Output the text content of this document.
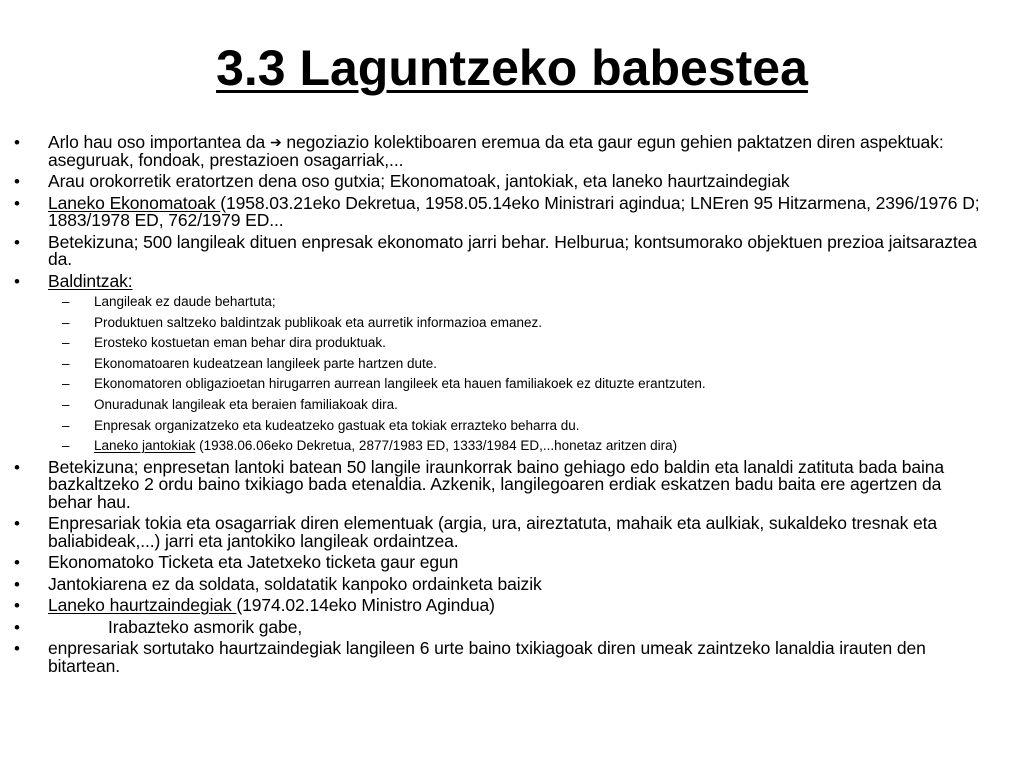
3.3 Laguntzeko babestea
• Arlo hau oso importantea da ➔ negoziazio kolektiboaren eremua da eta gaur egun gehien paktatzen diren aspektuak: aseguruak, fondoak, prestazioen osagarriak,...
• Arau orokorretik eratortzen dena oso gutxia; Ekonomatoak, jantokiak, eta laneko haurtzaindegiak
• Laneko Ekonomatoak (1958.03.21eko Dekretua, 1958.05.14eko Ministrari agindua; LNEren 95 Hitzarmena, 2396/1976 D; 1883/1978 ED, 762/1979 ED...
• Betekizuna; 500 langileak dituen enpresak ekonomato jarri behar. Helburua; kontsumorako objektuen prezioa jaitsaraztea da.
• Baldintzak:
– Langileak ez daude behartuta;
– Produktuen saltzeko baldintzak publikoak eta aurretik informazioa emanez.
– Erosteko kostuetan eman behar dira produktuak.
– Ekonomatoaren kudeatzean langileek parte hartzen dute.
– Ekonomatoren obligazioetan hirugarren aurrean langileek eta hauen familiakoek ez dituzte erantzuten.
– Onuradunak langileak eta beraien familiakoak dira.
– Enpresak organizatzeko eta kudeatzeko gastuak eta tokiak errazteko beharra du.
– Laneko jantokiak (1938.06.06eko Dekretua, 2877/1983 ED, 1333/1984 ED,...honetaz aritzen dira)
• Betekizuna; enpresetan lantoki batean 50 langile iraunkorrak baino gehiago edo baldin eta lanaldi zatituta bada baina bazkaltzeko 2 ordu baino txikiago bada etenaldia. Azkenik, langilegoaren erdiak eskatzen badu baita ere agertzen da behar hau.
• Enpresariak tokia eta osagarriak diren elementuak (argia, ura, aireztatuta, mahaik eta aulkiak, sukaldeko tresnak eta baliabideak,...) jarri eta jantokiko langileak ordaintzea.
• Ekonomatoko Ticketa eta Jatetxeko ticketa gaur egun
• Jantokiarena ez da soldata, soldatatik kanpoko ordainketa baizik
• Laneko haurtzaindegiak (1974.02.14eko Ministro Agindua)
•	Irabazteko asmorik gabe,
• enpresariak sortutako haurtzaindegiak langileen 6 urte baino txikiagoak diren umeak zaintzeko lanaldia irauten den bitartean.
